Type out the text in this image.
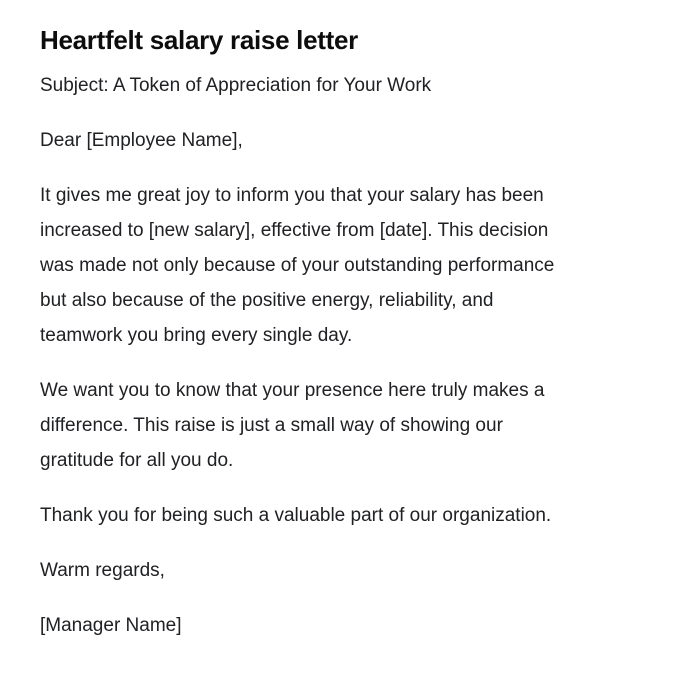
Heartfelt salary raise letter

Subject: A Token of Appreciation for Your Work

Dear [Employee Name],

It gives me great joy to inform you that your salary has been
increased to [new salary], effective from [date]. This decision
was made not only because of your outstanding performance
but also because of the positive energy, reliability, and
teamwork you bring every single day.

We want you to know that your presence here truly makes a
difference. This raise is just a small way of showing our
gratitude for all you do.

Thank you for being such a valuable part of our organization.

Warm regards,

[Manager Name]
